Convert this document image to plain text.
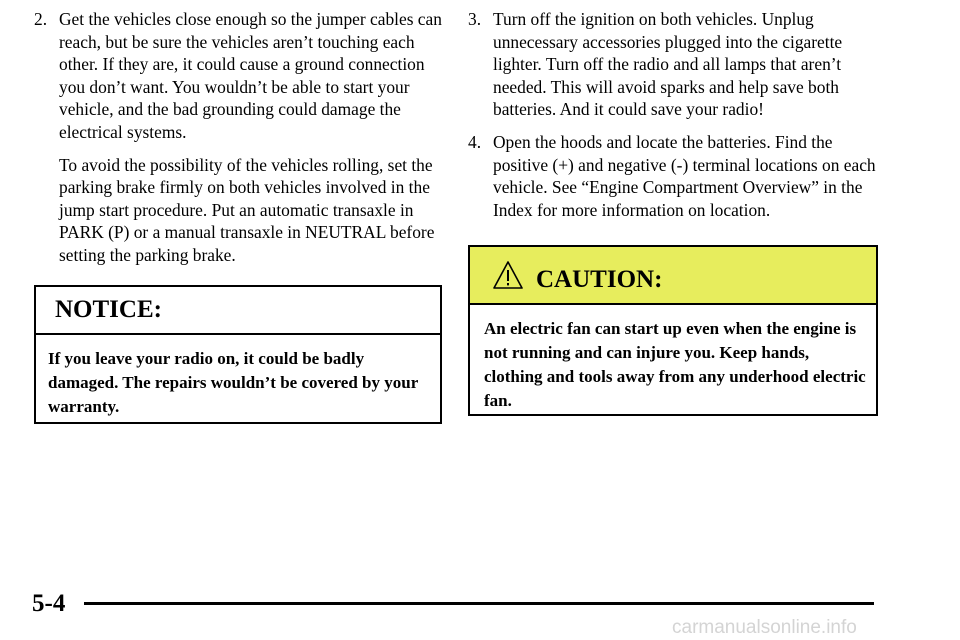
2. Get the vehicles close enough so the jumper cables can reach, but be sure the vehicles aren’t touching each other. If they are, it could cause a ground connection you don’t want. You wouldn’t be able to start your vehicle, and the bad grounding could damage the electrical systems.

To avoid the possibility of the vehicles rolling, set the parking brake firmly on both vehicles involved in the jump start procedure. Put an automatic transaxle in PARK (P) or a manual transaxle in NEUTRAL before setting the parking brake.

NOTICE:
If you leave your radio on, it could be badly damaged. The repairs wouldn’t be covered by your warranty.
3. Turn off the ignition on both vehicles. Unplug unnecessary accessories plugged into the cigarette lighter. Turn off the radio and all lamps that aren’t needed. This will avoid sparks and help save both batteries. And it could save your radio!

4. Open the hoods and locate the batteries. Find the positive (+) and negative (-) terminal locations on each vehicle. See “Engine Compartment Overview” in the Index for more information on location.

CAUTION:
An electric fan can start up even when the engine is not running and can injure you. Keep hands, clothing and tools away from any underhood electric fan.
5-4
carmanualsonline.info
